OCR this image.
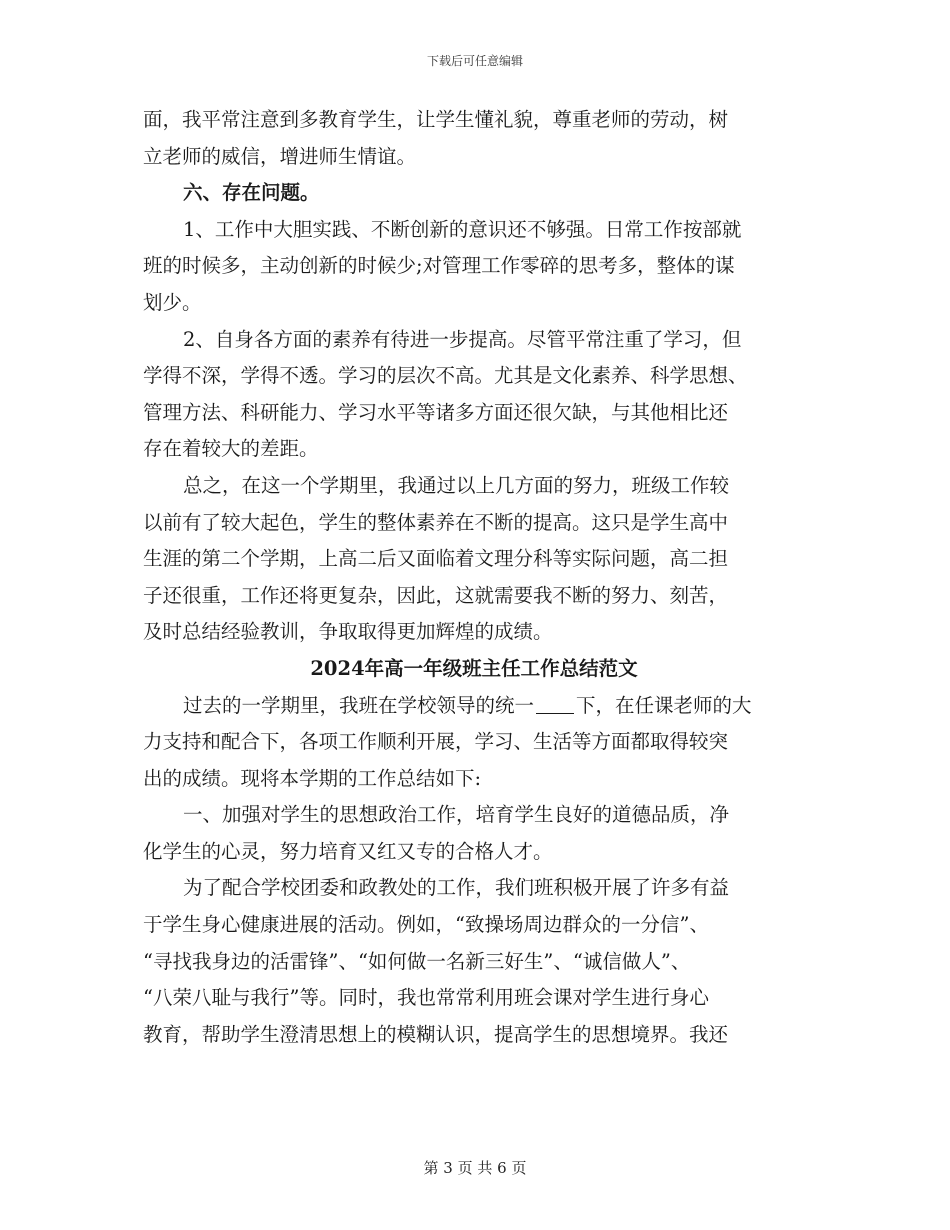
下载后可任意编辑
面，我平常注意到多教育学生，让学生懂礼貌，尊重老师的劳动，树
立老师的威信，增进师生情谊。
六、存在问题。
1、工作中大胆实践、不断创新的意识还不够强。日常工作按部就
班的时候多，主动创新的时候少;对管理工作零碎的思考多，整体的谋
划少。
2、自身各方面的素养有待进一步提高。尽管平常注重了学习，但
学得不深，学得不透。学习的层次不高。尤其是文化素养、科学思想、
管理方法、科研能力、学习水平等诸多方面还很欠缺，与其他相比还
存在着较大的差距。
总之，在这一个学期里，我通过以上几方面的努力，班级工作较
以前有了较大起色，学生的整体素养在不断的提高。这只是学生高中
生涯的第二个学期，上高二后又面临着文理分科等实际问题，高二担
子还很重，工作还将更复杂，因此，这就需要我不断的努力、刻苦，
及时总结经验教训，争取取得更加辉煌的成绩。
2024年高一年级班主任工作总结范文
过去的一学期里，我班在学校领导的统一 下，在任课老师的大
力支持和配合下，各项工作顺利开展，学习、生活等方面都取得较突
出的成绩。现将本学期的工作总结如下:
一、加强对学生的思想政治工作，培育学生良好的道德品质，净
化学生的心灵，努力培育又红又专的合格人才。
为了配合学校团委和政教处的工作，我们班积极开展了许多有益
于学生身心健康进展的活动。例如，“致操场周边群众的一分信”、
“寻找我身边的活雷锋”、“如何做一名新三好生”、“诚信做人”、
“八荣八耻与我行”等。同时，我也常常利用班会课对学生进行身心
教育，帮助学生澄清思想上的模糊认识，提高学生的思想境界。我还
第 3 页 共 6 页
